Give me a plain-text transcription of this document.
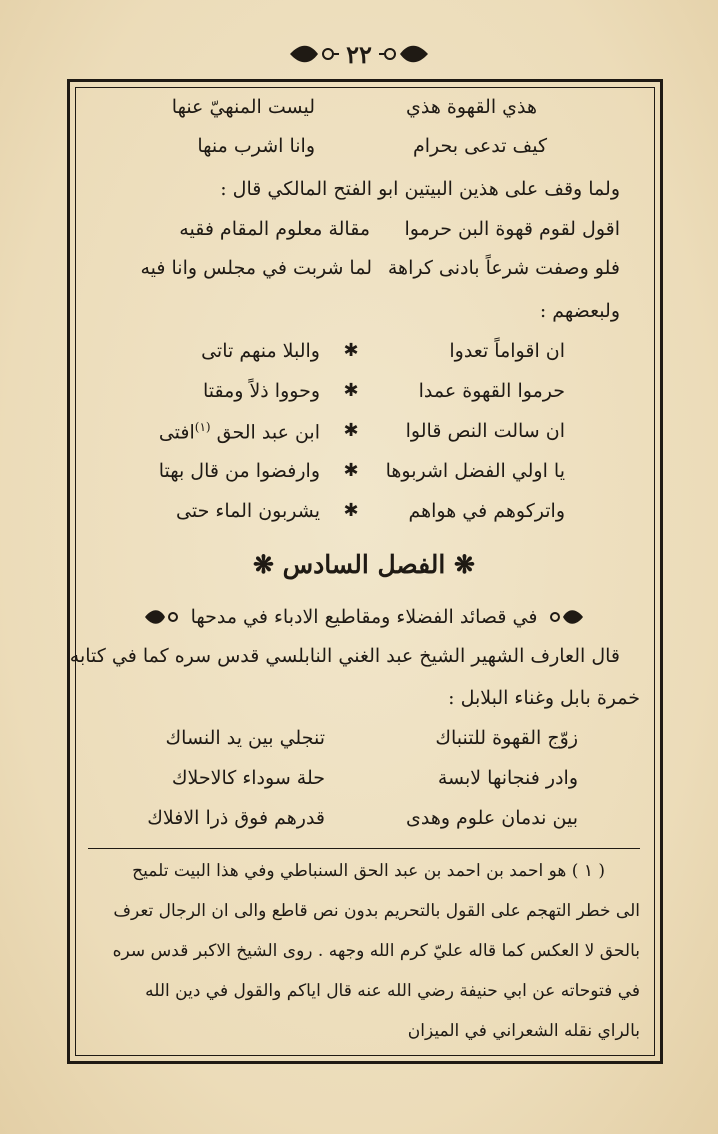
٢٢
هذي القهوة هذي
ليست المنهيّ عنها
كيف تدعى بحرام
وانا اشرب منها
ولما وقف على هذين البيتين ابو الفتح المالكي قال :
اقول لقوم قهوة البن حرموا
مقالة معلوم المقام فقيه
فلو وصفت شرعاً بادنى كراهة
لما شربت في مجلس وانا فيه
ولبعضهم :
ان اقواماً تعدوا
✱
والبلا منهم تاتى
حرموا القهوة عمدا
✱
وحووا ذلاً ومقتا
ان سالت النص قالوا
✱
ابن عبد الحق $^{(١)}$افتى
يا اولي الفضل اشربوها
✱
وارفضوا من قال بهتا
واتركوهم في هواهم
✱
يشربون الماء حتى
❋ الفصل السادس ❋
في قصائد الفضلاء ومقاطيع الادباء في مدحها
قال العارف الشهير الشيخ عبد الغني النابلسي قدس سره كما في كتابه
خمرة بابل وغناء البلابل :
زوّج القهوة للتنباك
تنجلي بين يد النساك
وادر فنجانها لابسة
حلة سوداء كالاحلاك
بين ندمان علوم وهدى
قدرهم فوق ذرا الافلاك
( ١ ) هو احمد بن احمد بن عبد الحق السنباطي وفي هذا البيت تلميح
الى خطر التهجم على القول بالتحريم بدون نص قاطع والى ان الرجال تعرف
بالحق لا العكس كما قاله عليّ كرم الله وجهه . روى الشيخ الاكبر قدس سره
في فتوحاته عن ابي حنيفة رضي الله عنه قال اياكم والقول في دين الله
بالراي نقله الشعراني في الميزان
